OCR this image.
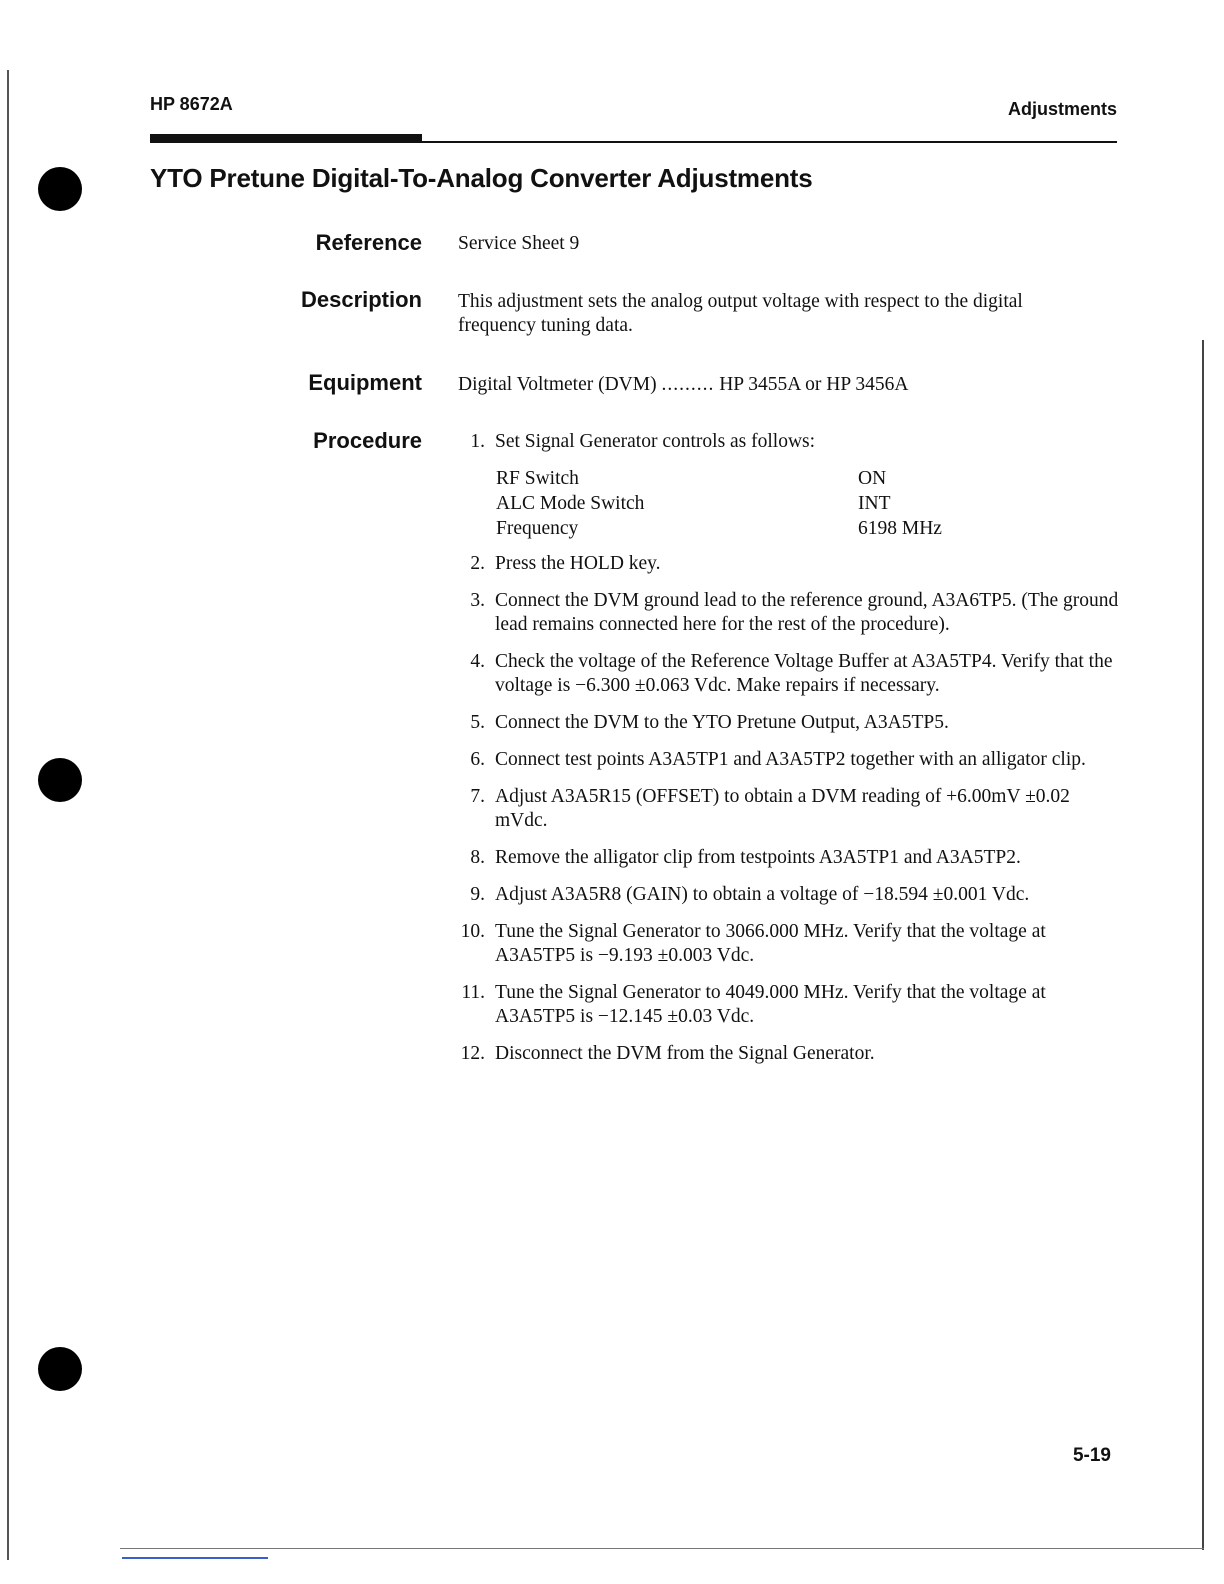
HP 8672A	Adjustments
YTO Pretune Digital-To-Analog Converter Adjustments
Reference Service Sheet 9
Description This adjustment sets the analog output voltage with respect to the digital frequency tuning data.
Equipment Digital Voltmeter (DVM) ......... HP 3455A or HP 3456A
Procedure	1. Set Signal Generator controls as follows:
RF Switch	ON
ALC Mode Switch	INT
Frequency	6198 MHz
2. Press the HOLD key.
3. Connect the DVM ground lead to the reference ground, A3A6TP5. (The ground lead remains connected here for the rest of the procedure).
4. Check the voltage of the Reference Voltage Buffer at A3A5TP4. Verify that the voltage is −6.300 ±0.063 Vdc. Make repairs if necessary.
5. Connect the DVM to the YTO Pretune Output, A3A5TP5.
6. Connect test points A3A5TP1 and A3A5TP2 together with an alligator clip.
7. Adjust A3A5R15 (OFFSET) to obtain a DVM reading of +6.00mV ±0.02 mVdc.
8. Remove the alligator clip from testpoints A3A5TP1 and A3A5TP2.
9. Adjust A3A5R8 (GAIN) to obtain a voltage of −18.594 ±0.001 Vdc.
10. Tune the Signal Generator to 3066.000 MHz. Verify that the voltage at A3A5TP5 is −9.193 ±0.003 Vdc.
11. Tune the Signal Generator to 4049.000 MHz. Verify that the voltage at A3A5TP5 is −12.145 ±0.03 Vdc.
12. Disconnect the DVM from the Signal Generator.
5-19
